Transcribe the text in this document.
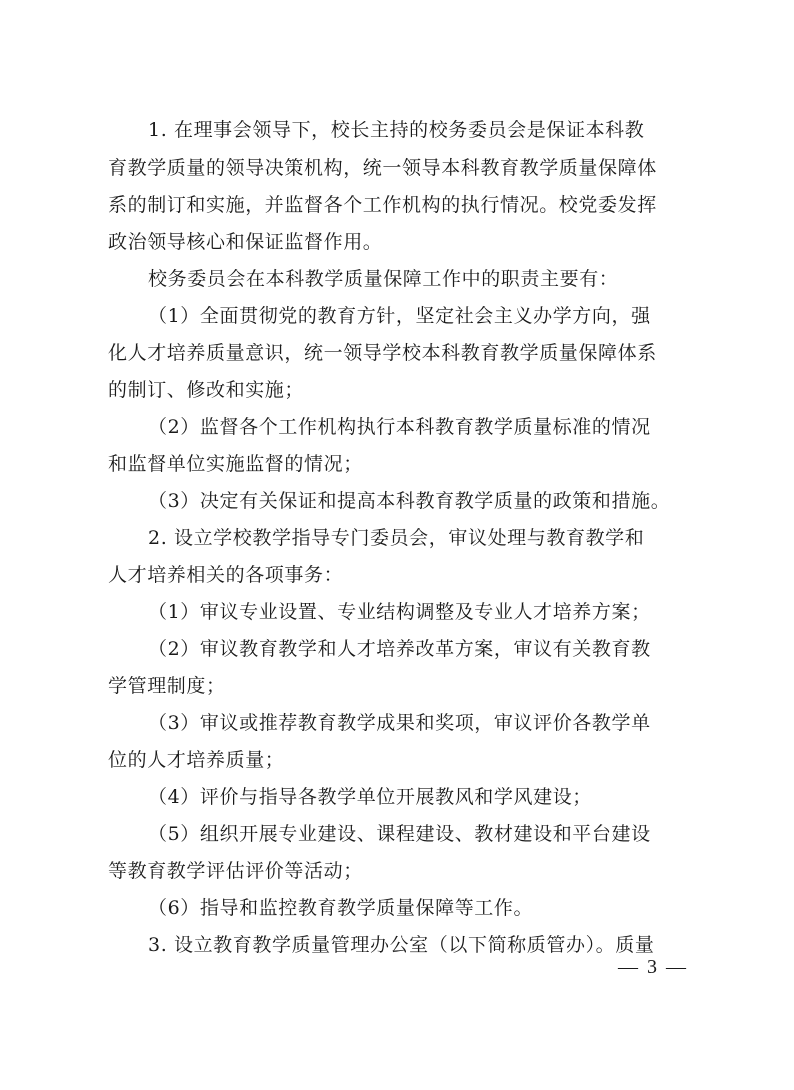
1. 在理事会领导下，校长主持的校务委员会是保证本科教
育教学质量的领导决策机构，统一领导本科教育教学质量保障体
系的制订和实施，并监督各个工作机构的执行情况。校党委发挥
政治领导核心和保证监督作用。
校务委员会在本科教学质量保障工作中的职责主要有：
（1）全面贯彻党的教育方针，坚定社会主义办学方向，强
化人才培养质量意识，统一领导学校本科教育教学质量保障体系
的制订、修改和实施；
（2）监督各个工作机构执行本科教育教学质量标准的情况
和监督单位实施监督的情况；
（3）决定有关保证和提高本科教育教学质量的政策和措施。
2. 设立学校教学指导专门委员会，审议处理与教育教学和
人才培养相关的各项事务：
（1）审议专业设置、专业结构调整及专业人才培养方案；
（2）审议教育教学和人才培养改革方案，审议有关教育教
学管理制度；
（3）审议或推荐教育教学成果和奖项，审议评价各教学单
位的人才培养质量；
（4）评价与指导各教学单位开展教风和学风建设；
（5）组织开展专业建设、课程建设、教材建设和平台建设
等教育教学评估评价等活动；
（6）指导和监控教育教学质量保障等工作。
3. 设立教育教学质量管理办公室（以下简称质管办）。质量
— 3 —
